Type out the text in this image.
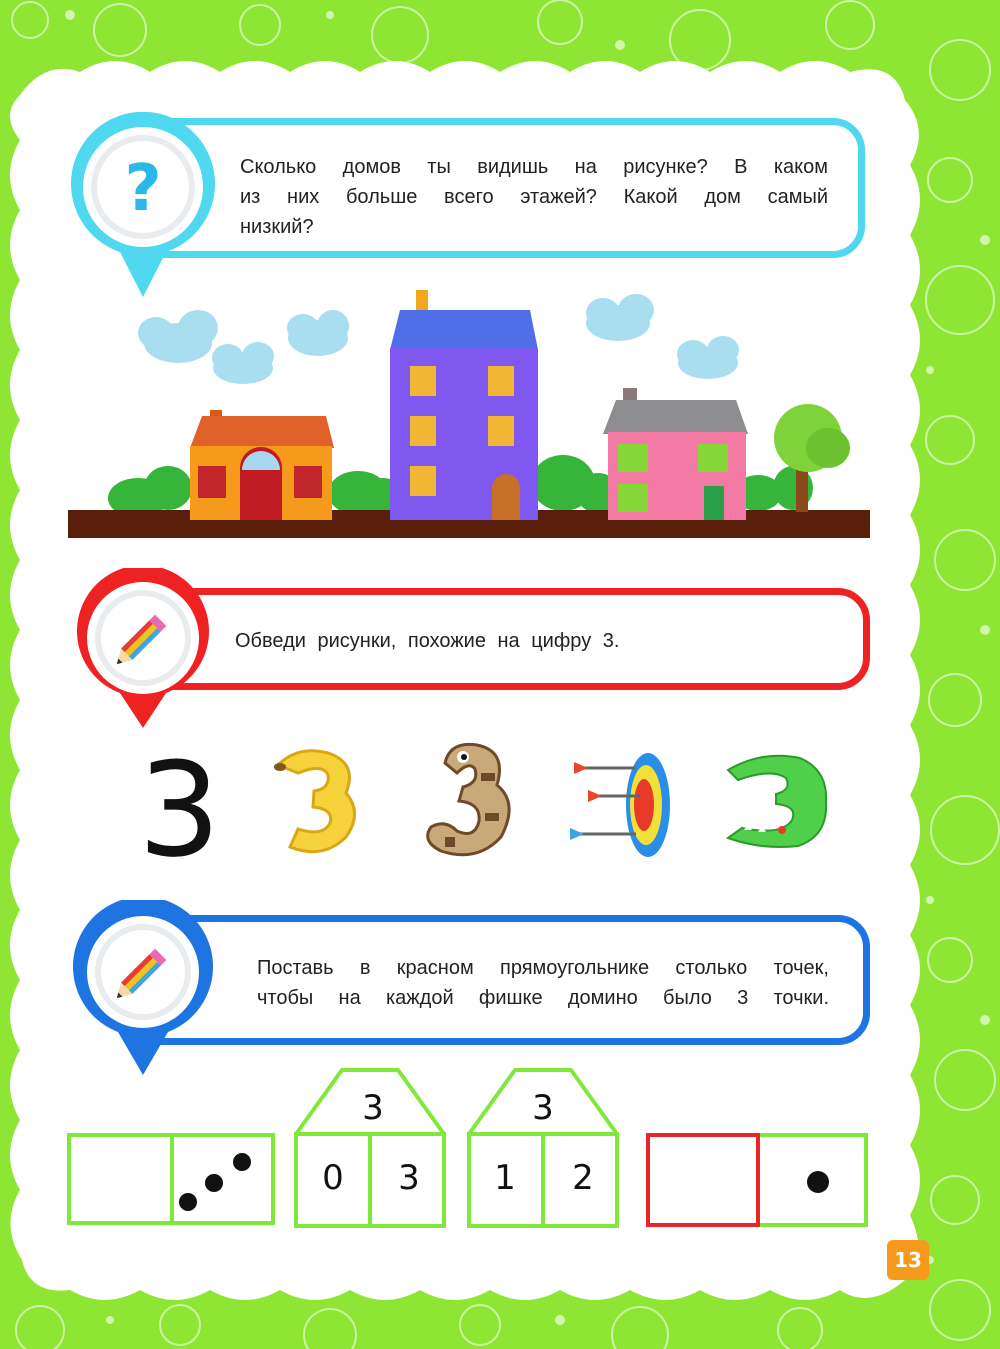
Сколько домов ты видишь на рисунке? В каком
из них больше всего этажей? Какой дом самый
низкий?
?
Обведи рисунки, похожие на цифру 3.
3
Поставь в красном прямоугольнике столько точек,
чтобы на каждой фишке домино было 3 точки.
3
0 3
3
1 2
13
